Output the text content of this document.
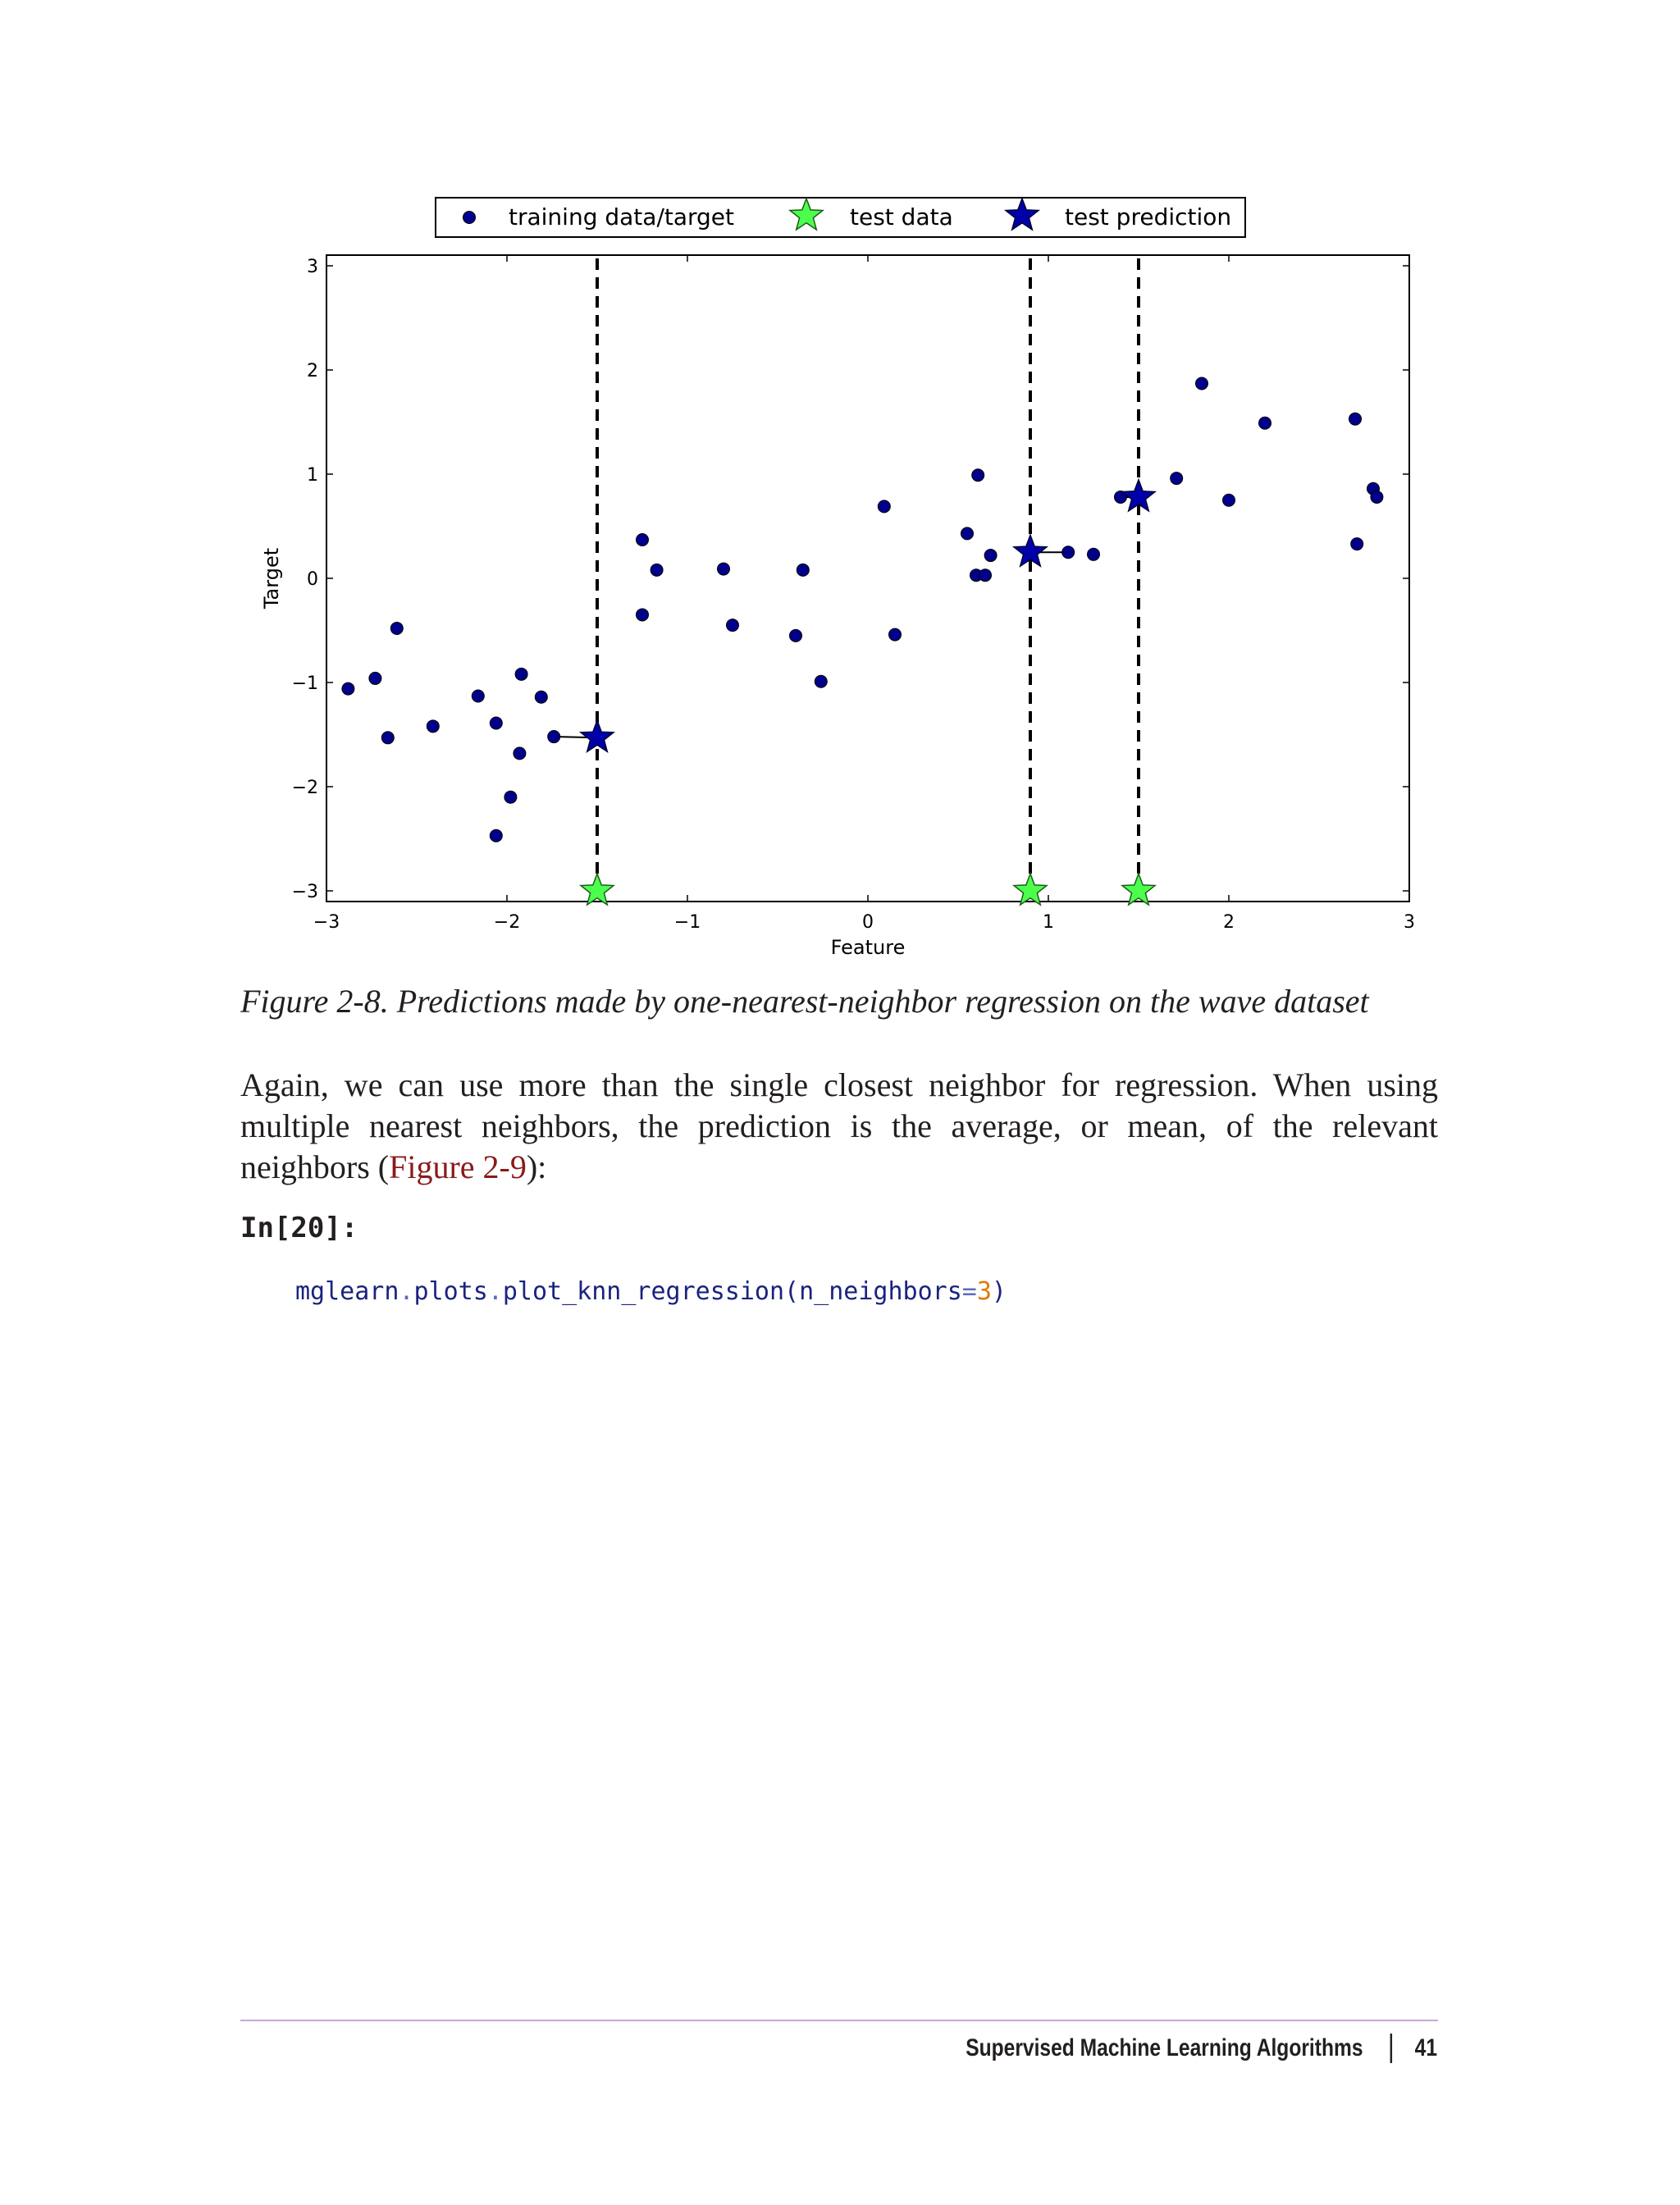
−3	−2	−1	0	1	2	3
−3
−2
−1
0
1
2
3
Feature
Target
training data/target	test data	test prediction

Figure 2-8. Predictions made by one-nearest-neighbor regression on the wave dataset

Again, we can use more than the single closest neighbor for regression. When using multiple nearest neighbors, the prediction is the average, or mean, of the relevant neighbors (Figure 2-9):

In[20]:

mglearn.plots.plot_knn_regression(n_neighbors=3)

Supervised Machine Learning Algorithms 41
